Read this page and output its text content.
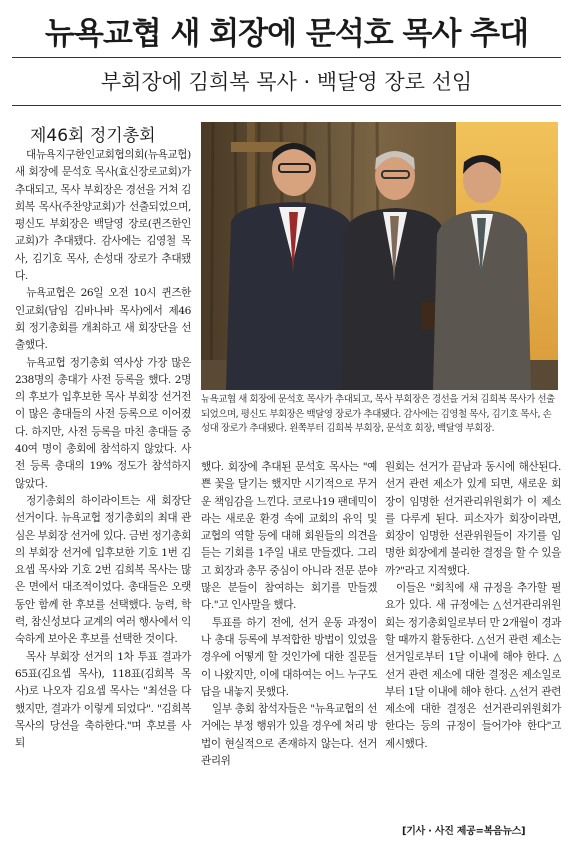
뉴욕교협 새 회장에 문석호 목사 추대
부회장에 김희복 목사 · 백달영 장로 선임
제46회 정기총회

대뉴욕지구한인교회협의회(뉴욕교협) 새 회장에 문석호 목사(효신장로교회)가 추대되고, 목사 부회장은 경선을 거쳐 김희복 목사(주찬양교회)가 선출되었으며, 평신도 부회장은 백달영 장로(퀸즈한인교회)가 추대됐다. 감사에는 김영철 목사, 김기호 목사, 손성대 장로가 추대됐다.

뉴욕교협은 26일 오전 10시 퀸즈한인교회(담임 김바나바 목사)에서 제46회 정기총회를 개최하고 새 회장단을 선출했다.

뉴욕교협 정기총회 역사상 가장 많은 238명의 총대가 사전 등록을 했다. 2명의 후보가 입후보한 목사 부회장 선거전이 많은 총대들의 사전 등록으로 이어졌다. 하지만, 사전 등록을 마친 총대들 중 40여 명이 총회에 참석하지 않았다. 사전 등록 총대의 19% 정도가 참석하지 않았다.

정기총회의 하이라이트는 새 회장단 선거이다. 뉴욕교협 정기총회의 최대 관심은 부회장 선거에 있다. 금번 정기총회의 부회장 선거에 입후보한 기호 1번 김요셉 목사와 기호 2번 김희복 목사는 많은 면에서 대조적이었다. 총대들은 오랫동안 함께 한 후보를 선택했다. 능력, 학력, 참신성보다 교계의 여러 행사에서 익숙하게 보아온 후보를 선택한 것이다.

목사 부회장 선거의 1차 투표 결과가 65표(김요셉 목사), 118표(김희복 목사)로 나오자 김요셉 목사는 "최선을 다했지만, 결과가 이렇게 되었다". "김희복 목사의 당선을 축하한다."며 후보를 사퇴

뉴욕교협 새 회장에 문석호 목사가 추대되고, 목사 부회장은 경선을 거쳐 김희복 목사가 선출되었으며, 평신도 부회장은 백달영 장로가 추대됐다. 감사에는 김영철 목사, 김기호 목사, 손성대 장로가 추대됐다. 왼쪽부터 김희복 부회장, 문석호 회장, 백달영 부회장.

했다. 회장에 추대된 문석호 목사는 "예쁜 꽃을 달기는 했지만 시기적으로 무거운 책임감을 느낀다. 코로나19 팬데믹이라는 새로운 환경 속에 교회의 유익 및 교협의 역할 등에 대해 회원들의 의견을 듣는 기회를 1주일 내로 만들겠다. 그리고 회장과 총무 중심이 아니라 전문 분야 많은 분들이 참여하는 회기를 만들겠다."고 인사말을 했다.

투표를 하기 전에, 선거 운동 과정이나 총대 등록에 부적합한 방법이 있었을 경우에 어떻게 할 것인가에 대한 질문들이 나왔지만, 이에 대하여는 어느 누구도 답을 내놓지 못했다.

일부 총회 참석자들은 "뉴욕교협의 선거에는 부정 행위가 있을 경우에 처리 방법이 현실적으로 존재하지 않는다. 선거관리위

원회는 선거가 끝남과 동시에 해산된다. 선거 관련 제소가 있게 되면, 새로운 회장이 임명한 선거관리위원회가 이 제소를 다루게 된다. 피소자가 회장이라면, 회장이 임명한 선관위원들이 자기를 임명한 회장에게 불리한 결정을 할 수 있을까?"라고 지적했다.

이들은 "회칙에 새 규정을 추가할 필요가 있다. 새 규정에는 △선거관리위원회는 정기총회일로부터 만 2개월이 경과할 때까지 활동한다. △선거 관련 제소는 선거일로부터 1달 이내에 해야 한다. △선거 관련 제소에 대한 결정은 제소일로부터 1달 이내에 해야 한다. △선거 관련 제소에 대한 결정은 선거관리위원회가 한다는 등의 규정이 들어가야 한다"고 제시했다.

[기사 · 사진 제공=복음뉴스]
